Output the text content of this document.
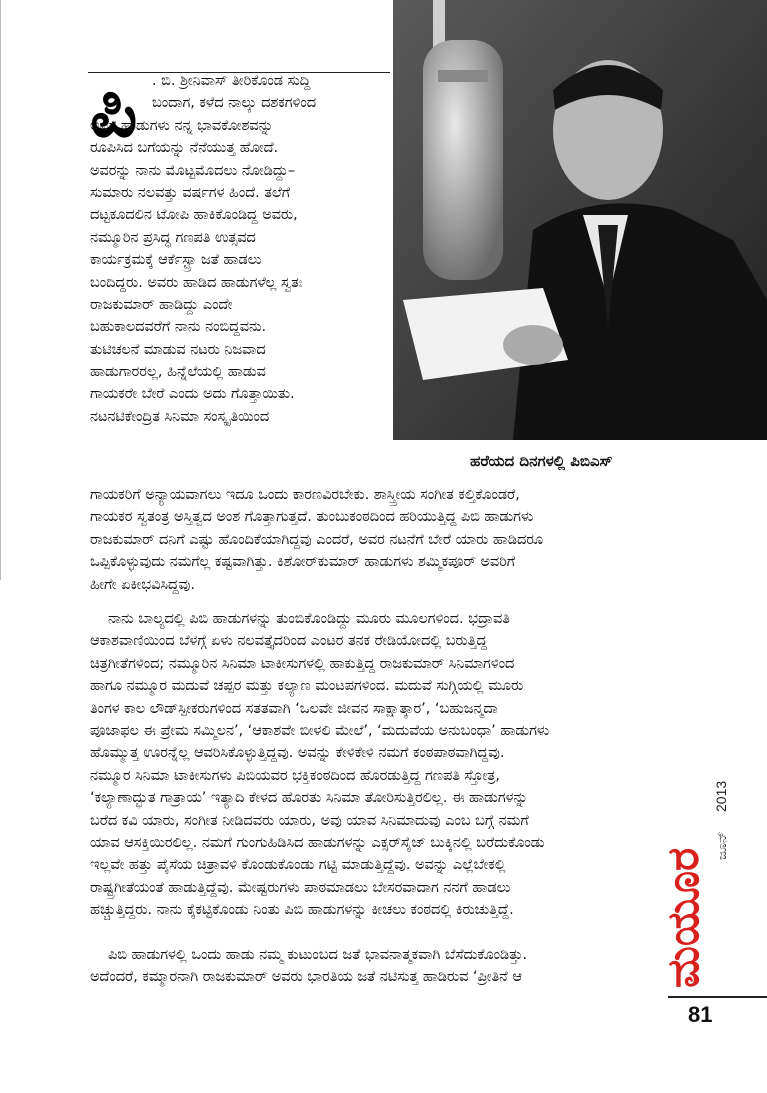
ಪಿ	. ಬಿ. ಶ್ರೀನಿವಾಸ್ ತೀರಿಕೊಂಡ ಸುದ್ದಿ
ಬಂದಾಗ, ಕಳೆದ ನಾಲ್ಕು ದಶಕಗಳಿಂದ
ಅವರ ಹಾಡುಗಳು ನನ್ನ ಭಾವಕೋಶವನ್ನು
ರೂಪಿಸಿದ ಬಗೆಯನ್ನು ನೆನೆಯುತ್ತ ಹೋದೆ.
ಅವರನ್ನು ನಾನು ಮೊಟ್ಟಮೊದಲು ನೋಡಿದ್ದು–
ಸುಮಾರು ನಲವತ್ತು ವರ್ಷಗಳ ಹಿಂದೆ. ತಲೆಗೆ
ದಟ್ಟಕೂದಲಿನ ಟೋಪಿ ಹಾಕಿಕೊಂಡಿದ್ದ ಅವರು,
ನಮ್ಮೂರಿನ ಪ್ರಸಿದ್ಧ ಗಣಪತಿ ಉತ್ಸವದ
ಕಾರ್ಯಕ್ರಮಕ್ಕೆ ಆರ್ಕೆಸ್ಟ್ರಾ ಜತೆ ಹಾಡಲು
ಬಂದಿದ್ದರು. ಅವರು ಹಾಡಿದ ಹಾಡುಗಳೆಲ್ಲ ಸ್ವತಃ
ರಾಜಕುಮಾರ್ ಹಾಡಿದ್ದು ಎಂದೇ
ಬಹುಕಾಲದವರೆಗೆ ನಾನು ನಂಬಿದ್ದವನು.
ತುಟಿಚಲನೆ ಮಾಡುವ ನಟರು ನಿಜವಾದ
ಹಾಡುಗಾರರಲ್ಲ, ಹಿನ್ನೆಲೆಯಲ್ಲಿ ಹಾಡುವ
ಗಾಯಕರೇ ಬೇರೆ ಎಂದು ಅದು ಗೊತ್ತಾಯಿತು.
ನಟನಟಿಕೇಂದ್ರಿತ ಸಿನಿಮಾ ಸಂಸ್ಕೃತಿಯಿಂದ
ಹರೆಯದ ದಿನಗಳಲ್ಲಿ ಪಿಬಿಎಸ್
ಗಾಯಕರಿಗೆ ಅನ್ಯಾಯವಾಗಲು ಇದೂ ಒಂದು ಕಾರಣವಿರಬೇಕು. ಶಾಸ್ತ್ರೀಯ ಸಂಗೀತ ಕಲ್ತಿಕೊಂಡರೆ,
ಗಾಯಕರ ಸ್ವತಂತ್ರ ಅಸ್ತಿತ್ವದ ಅಂಶ ಗೊತ್ತಾಗುತ್ತದೆ. ತುಂಬುಕಂಠದಿಂದ ಹರಿಯುತ್ತಿದ್ದ ಪಿಬಿ ಹಾಡುಗಳು
ರಾಜಕುಮಾರ್ ದನಿಗೆ ಎಷ್ಟು ಹೊಂದಿಕೆಯಾಗಿದ್ದವು ಎಂದರೆ, ಅವರ ನಟನೆಗೆ ಬೇರೆ ಯಾರು ಹಾಡಿದರೂ
ಒಪ್ಪಿಕೊಳ್ಳುವುದು ನಮಗೆಲ್ಲ ಕಷ್ಟವಾಗಿತ್ತು. ಕಿಶೋರ್‌ಕುಮಾರ್ ಹಾಡುಗಳು ಶಮ್ಮಿಕಪೂರ್ ಅವರಿಗೆ
ಹೀಗೇ ಏಕೀಭವಿಸಿದ್ದವು.
ನಾನು ಬಾಲ್ಯದಲ್ಲಿ ಪಿಬಿ ಹಾಡುಗಳನ್ನು ತುಂಬಿಕೊಂಡಿದ್ದು ಮೂರು ಮೂಲಗಳಿಂದ. ಭದ್ರಾವತಿ
ಆಕಾಶವಾಣಿಯಿಂದ ಬೆಳಗ್ಗೆ ಏಳು ನಲವತ್ತೈದರಿಂದ ಎಂಟರ ತನಕ ರೇಡಿಯೋದಲ್ಲಿ ಬರುತ್ತಿದ್ದ
ಚಿತ್ರಗೀತೆಗಳಿಂದ; ನಮ್ಮೂರಿನ ಸಿನಿಮಾ ಟಾಕೀಸುಗಳಲ್ಲಿ ಹಾಕುತ್ತಿದ್ದ ರಾಜಕುಮಾರ್ ಸಿನಿಮಾಗಳಿಂದ
ಹಾಗೂ ನಮ್ಮೂರ ಮದುವೆ ಚಪ್ಪರ ಮತ್ತು ಕಲ್ಯಾಣ ಮಂಟಪಗಳಿಂದ. ಮದುವೆ ಸುಗ್ಗಿಯಲ್ಲಿ ಮೂರು
ತಿಂಗಳ ಕಾಲ ಲೌಡ್‌ಸ್ಪೀಕರುಗಳಿಂದ ಸತತವಾಗಿ ‘ಒಲವೇ ಜೀವನ ಸಾಕ್ಷಾತ್ಕಾರ’, ‘ಬಹುಜನ್ಮದಾ
ಪೂಜಾಫಲ ಈ ಪ್ರೇಮ ಸಮ್ಮಿಲನ’, ‘ಆಕಾಶವೇ ಬೀಳಲಿ ಮೇಲೆ’, ‘ಮದುವೆಯ ಅನುಬಂಧಾ’ ಹಾಡುಗಳು
ಹೊಮ್ಮುತ್ತ ಊರನ್ನೆಲ್ಲ ಆವರಿಸಿಕೊಳ್ಳುತ್ತಿದ್ದವು. ಅವನ್ನು ಕೇಳಿಕೇಳಿ ನಮಗೆ ಕಂಠಪಾಠವಾಗಿದ್ದವು.
ನಮ್ಮೂರ ಸಿನಿಮಾ ಟಾಕೀಸುಗಳು ಪಿಬಿಯವರ ಭಕ್ತಿಕಂಠದಿಂದ ಹೊರಡುತ್ತಿದ್ದ ಗಣಪತಿ ಸ್ತೋತ್ರ,
‘ಕಲ್ಯಾಣಾದ್ಭುತ ಗಾತ್ರಾಯ’ ಇತ್ಯಾದಿ ಕೇಳದ ಹೊರತು ಸಿನಿಮಾ ತೋರಿಸುತ್ತಿರಲಿಲ್ಲ. ಈ ಹಾಡುಗಳನ್ನು
ಬರೆದ ಕವಿ ಯಾರು, ಸಂಗೀತ ನೀಡಿದವರು ಯಾರು, ಅವು ಯಾವ ಸಿನಿಮಾದುವು ಎಂಬ ಬಗ್ಗೆ ನಮಗೆ
ಯಾವ ಆಸಕ್ತಿಯಿರಲಿಲ್ಲ. ನಮಗೆ ಗುಂಗುಹಿಡಿಸಿದ ಹಾಡುಗಳನ್ನು ಎಕ್ಸರ್‌ಸೈಜ್ ಬುಕ್ಕಿನಲ್ಲಿ ಬರೆದುಕೊಂಡು
ಇಲ್ಲವೇ ಹತ್ತು ಪೈಸೆಯ ಚಿತ್ರಾವಳಿ ಕೊಂಡುಕೊಂಡು ಗಟ್ಟಿ ಮಾಡುತ್ತಿದ್ದೆವು. ಅವನ್ನು ಎಲ್ಲೆಬೇಕಲ್ಲಿ
ರಾಷ್ಟ್ರಗೀತೆಯಂತೆ ಹಾಡುತ್ತಿದ್ದೆವು. ಮೇಷ್ಟರುಗಳು ಪಾಠಮಾಡಲು ಬೇಸರವಾದಾಗ ನನಗೆ ಹಾಡಲು
ಹಚ್ಚುತ್ತಿದ್ದರು. ನಾನು ಕೈಕಟ್ಟಿಕೊಂಡು ನಿಂತು ಪಿಬಿ ಹಾಡುಗಳನ್ನು ಕೀಚಲು ಕಂಠದಲ್ಲಿ ಕಿರುಚುತ್ತಿದ್ದೆ.
ಪಿಬಿ ಹಾಡುಗಳಲ್ಲಿ ಒಂದು ಹಾಡು ನಮ್ಮ ಕುಟುಂಬದ ಜತೆ ಭಾವನಾತ್ಮಕವಾಗಿ ಬೆಸೆದುಕೊಂಡಿತ್ತು.
ಅದೆಂದರೆ, ಕಮ್ಮಾರನಾಗಿ ರಾಜಕುಮಾರ್ ಅವರು ಭಾರತಿಯ ಜತೆ ನಟಿಸುತ್ತ ಹಾಡಿರುವ ‘ಪ್ರೀತಿನೆ ಆ	ಮಯೂರ
ಜೂನ್
2013
81
